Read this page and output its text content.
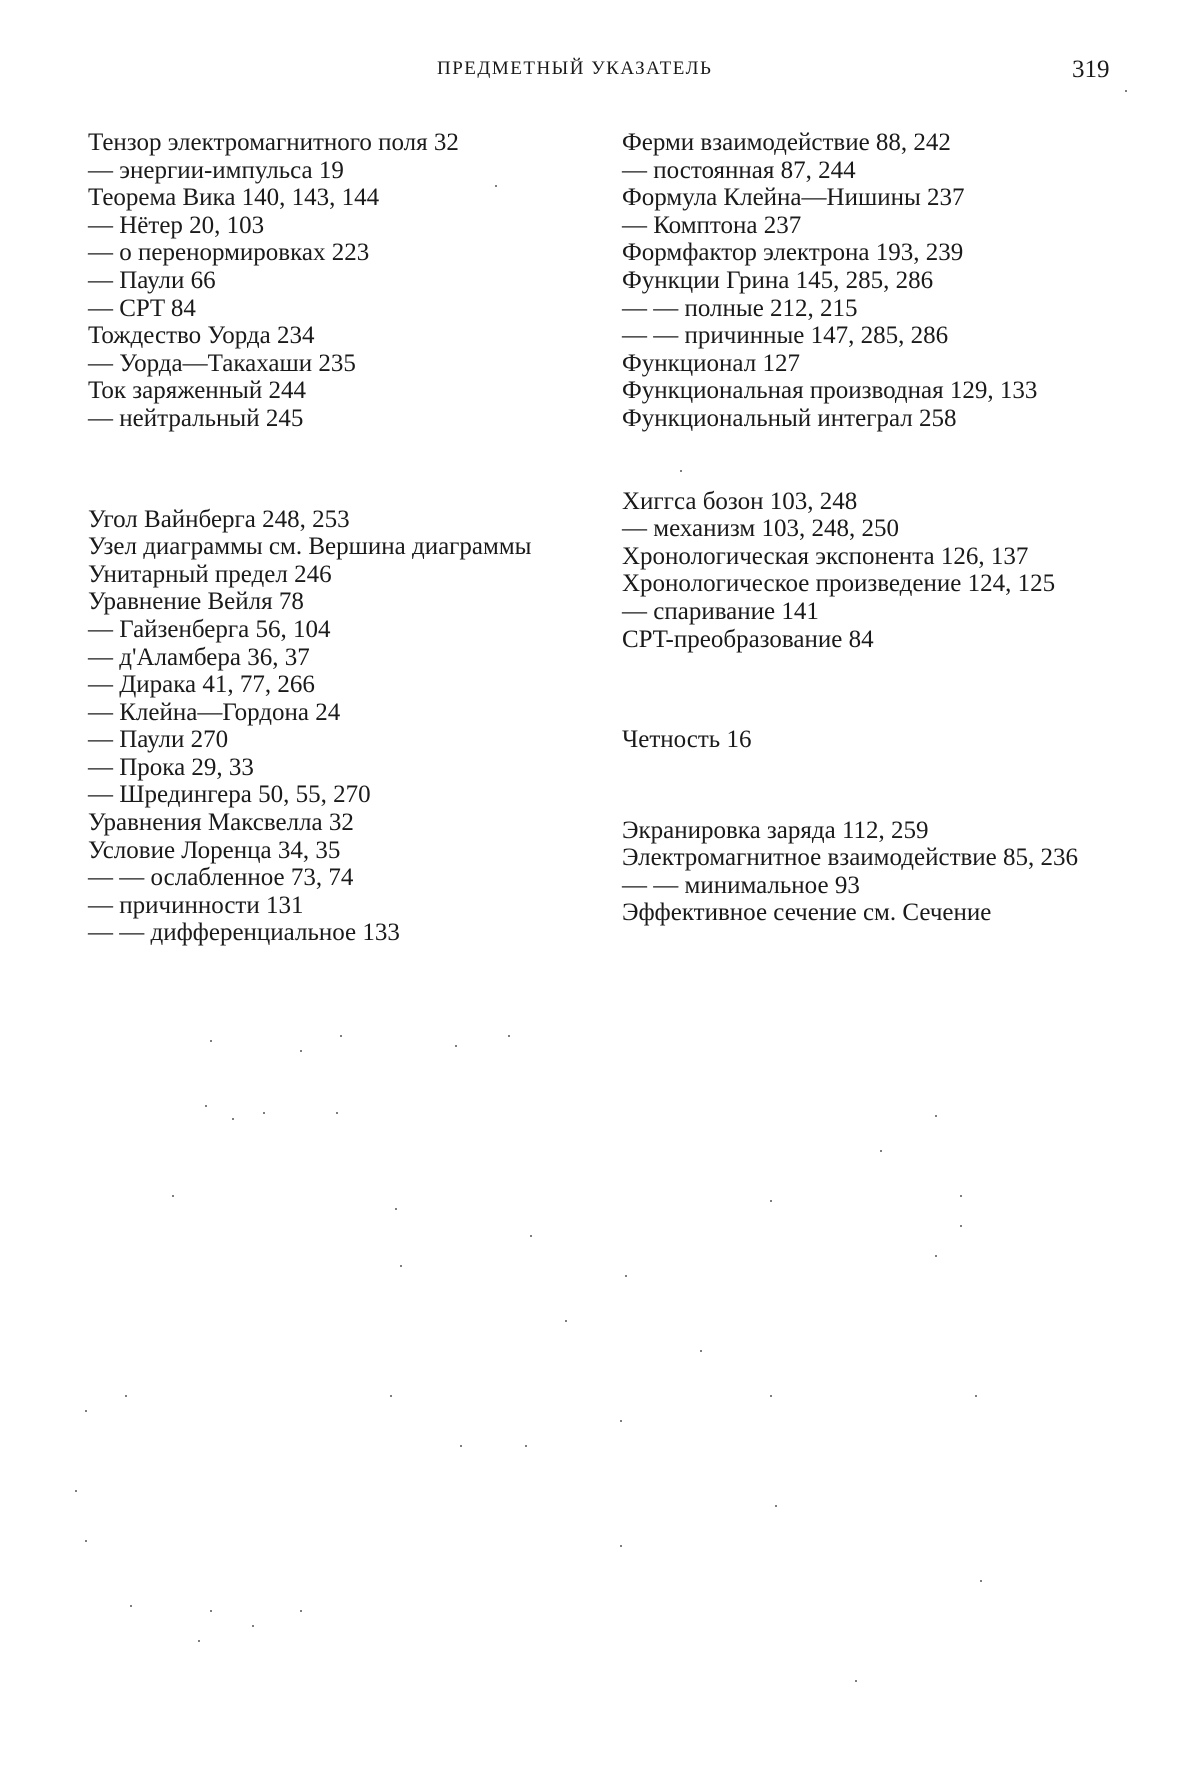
ПРЕДМЕТНЫЙ УКАЗАТЕЛЬ	319
Тензор электромагнитного поля 32
— энергии-импульса 19
Теорема Вика 140, 143, 144
— Нётер 20, 103
— о перенормировках 223
— Паули 66
— CPT 84
Тождество Уорда 234
— Уорда—Такахаши 235
Ток заряженный 244
— нейтральный 245
Угол Вайнберга 248, 253
Узел диаграммы см. Вершина диаграммы
Унитарный предел 246
Уравнение Вейля 78
— Гайзенберга 56, 104
— д'Аламбера 36, 37
— Дирака 41, 77, 266
— Клейна—Гордона 24
— Паули 270
— Прока 29, 33
— Шредингера 50, 55, 270
Уравнения Максвелла 32
Условие Лоренца 34, 35
— — ослабленное 73, 74
— причинности 131
— — дифференциальное 133
Ферми взаимодействие 88, 242
— постоянная 87, 244
Формула Клейна—Нишины 237
— Комптона 237
Формфактор электрона 193, 239
Функции Грина 145, 285, 286
— — полные 212, 215
— — причинные 147, 285, 286
Функционал 127
Функциональная производная 129, 133
Функциональный интеграл 258
Хиггса бозон 103, 248
— механизм 103, 248, 250
Хронологическая экспонента 126, 137
Хронологическое произведение 124, 125
— спаривание 141
CPT-преобразование 84
Четность 16
Экранировка заряда 112, 259
Электромагнитное взаимодействие 85, 236
— — минимальное 93
Эффективное сечение см. Сечение
